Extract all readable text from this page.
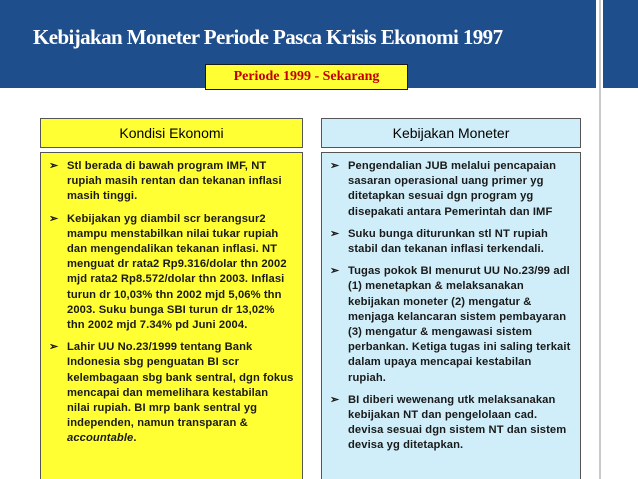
Kebijakan Moneter Periode Pasca Krisis Ekonomi 1997
Periode 1999 - Sekarang
Kondisi Ekonomi	Kebijakan Moneter
➢ Stl berada di bawah program IMF, NT rupiah masih rentan dan tekanan inflasi masih tinggi.
➢ Kebijakan yg diambil scr berangsur2 mampu menstabilkan nilai tukar rupiah dan mengendalikan tekanan inflasi. NT menguat dr rata2 Rp9.316/dolar thn 2002 mjd rata2 Rp8.572/dolar thn 2003. Inflasi turun dr 10,03% thn 2002 mjd 5,06% thn 2003. Suku bunga SBI turun dr 13,02% thn 2002 mjd 7.34% pd Juni 2004.
➢ Lahir UU No.23/1999 tentang Bank Indonesia sbg penguatan BI scr kelembagaan sbg bank sentral, dgn fokus mencapai dan memelihara kestabilan nilai rupiah. BI mrp bank sentral yg independen, namun transparan & accountable.
➢ Pengendalian JUB melalui pencapaian sasaran operasional uang primer yg ditetapkan sesuai dgn program yg disepakati antara Pemerintah dan IMF
➢ Suku bunga diturunkan stl NT rupiah stabil dan tekanan inflasi terkendali.
➢ Tugas pokok BI menurut UU No.23/99 adl (1) menetapkan & melaksanakan kebijakan moneter (2) mengatur & menjaga kelancaran sistem pembayaran (3) mengatur & mengawasi sistem perbankan. Ketiga tugas ini saling terkait dalam upaya mencapai kestabilan rupiah.
➢ BI diberi wewenang utk melaksanakan kebijakan NT dan pengelolaan cad. devisa sesuai dgn sistem NT dan sistem devisa yg ditetapkan.
